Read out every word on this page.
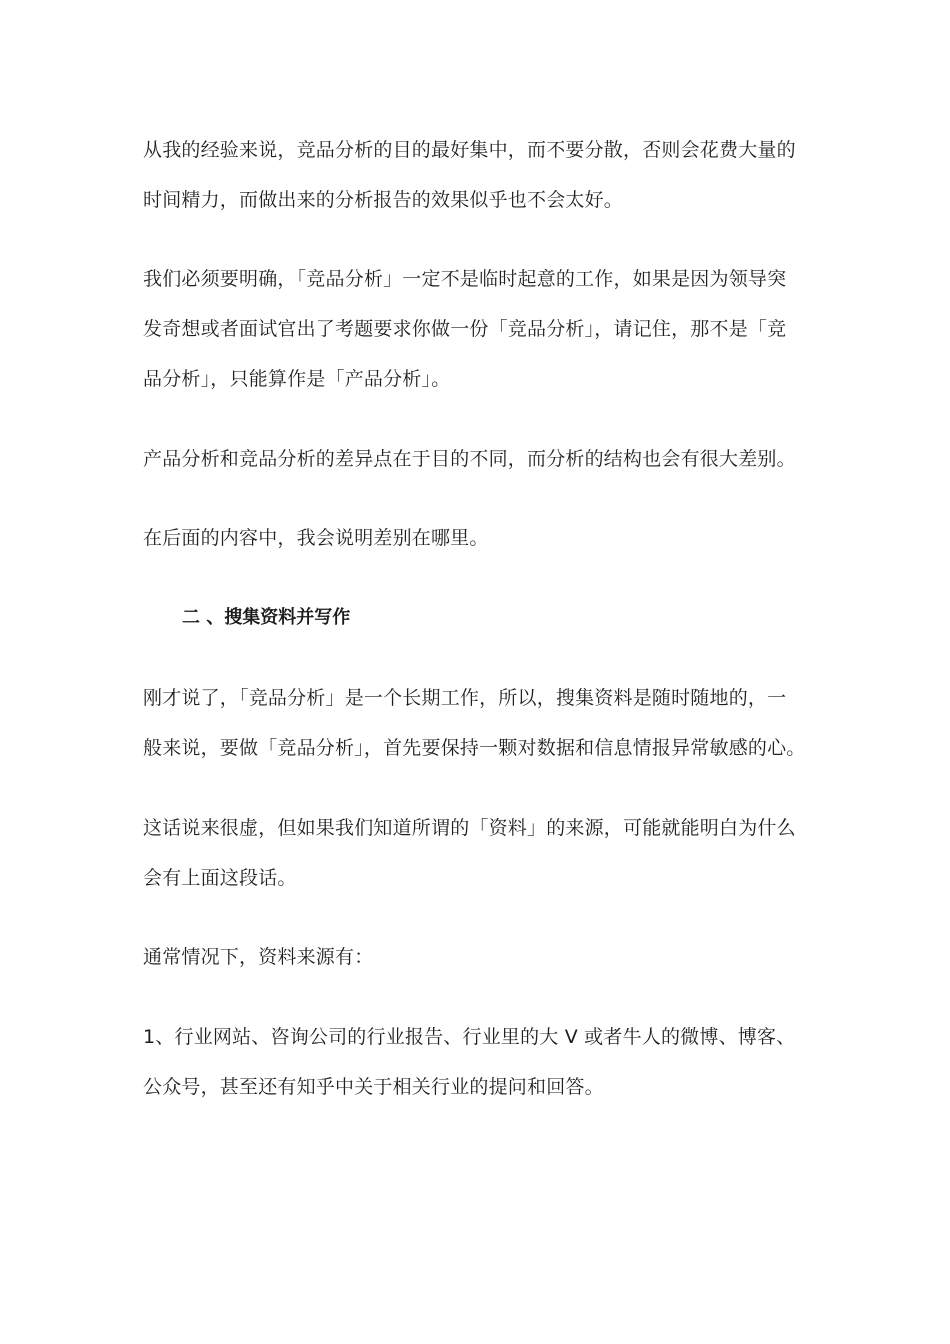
从我的经验来说，竞品分析的目的最好集中，而不要分散，否则会花费大量的
时间精力，而做出来的分析报告的效果似乎也不会太好。
我们必须要明确，「竞品分析」一定不是临时起意的工作，如果是因为领导突
发奇想或者面试官出了考题要求你做一份「竞品分析」，请记住，那不是「竞
品分析」，只能算作是「产品分析」。
产品分析和竞品分析的差异点在于目的不同，而分析的结构也会有很大差别。
在后面的内容中，我会说明差别在哪里。
二 、搜集资料并写作
刚才说了，「竞品分析」是一个长期工作，所以，搜集资料是随时随地的，一
般来说，要做「竞品分析」，首先要保持一颗对数据和信息情报异常敏感的心。
这话说来很虚，但如果我们知道所谓的「资料」的来源，可能就能明白为什么
会有上面这段话。
通常情况下，资料来源有：
1、行业网站、咨询公司的行业报告、行业里的大 V 或者牛人的微博、博客、
公众号，甚至还有知乎中关于相关行业的提问和回答。
